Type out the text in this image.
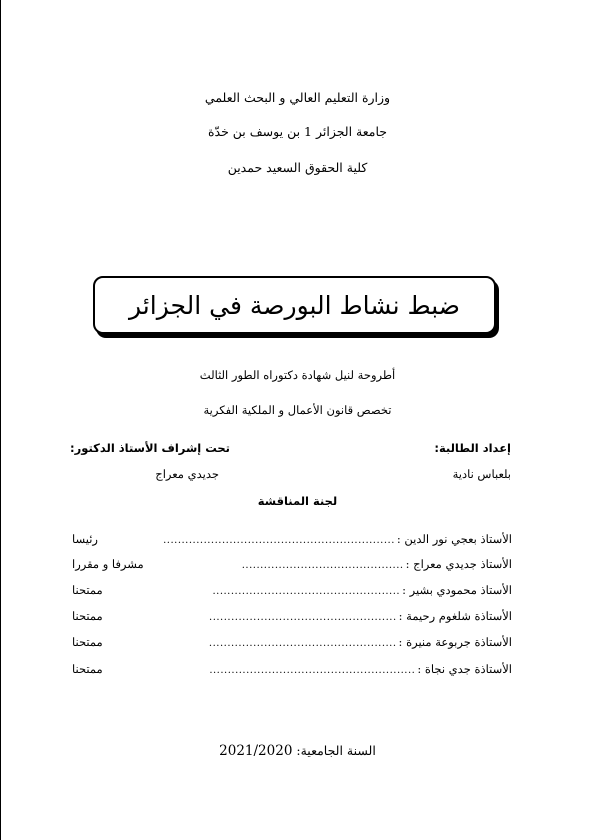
وزارة التعليم العالي و البحث العلمي
جامعة الجزائر 1 بن يوسف بن خدّة
كلية الحقوق السعيد حمدين
ضبط نشاط البورصة في الجزائر
أطروحة لنيل شهادة دكتوراه الطور الثالث
تخصص قانون الأعمال و الملكية الفكرية
إعداد الطالبة:
تحت إشراف الأستاذ الدكتور:
بلعباس نادية
جديدي معراج
لجنة المناقشة
الأستاذ بعجي نور الدين :
...............................................................
رئيسا
الأستاذ جديدي معراج :
............................................
مشرفا و مقررا
الأستاذ محمودي بشير :
...................................................
ممتحنا
الأستاذة شلغوم رحيمة :
...................................................
ممتحنا
الأستاذة جربوعة منيرة :
...................................................
ممتحنا
الأستاذة جدي نجاة :
........................................................
ممتحنا
السنة الجامعية: 2021/2020
